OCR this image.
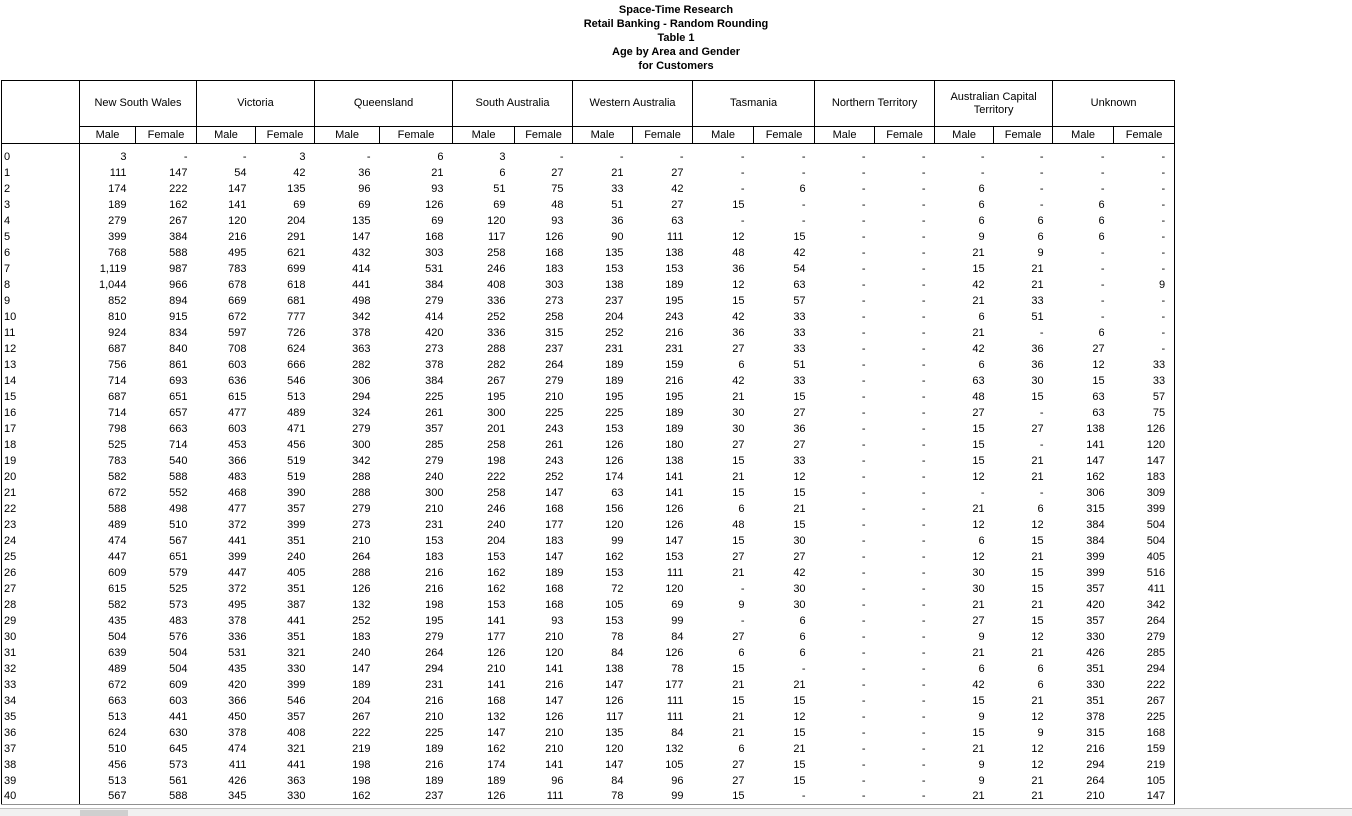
Space-Time Research
Retail Banking - Random Rounding
Table 1
Age by Area and Gender
for Customers
	New South Wales		Victoria		Queensland		South Australia		Western Australia		Tasmania		Northern Territory		Australian Capital Territory		Unknown	
	Male	Female	Male	Female	Male	Female	Male	Female	Male	Female	Male	Female	Male	Female	Male	Female	Male	Female

0	3	-	-	3	-	6	3	-	-	-	-	-	-	-	-	-	-	-
1	111	147	54	42	36	21	6	27	21	27	-	-	-	-	-	-	-	-
2	174	222	147	135	96	93	51	75	33	42	-	6	-	-	6	-	-	-
3	189	162	141	69	69	126	69	48	51	27	15	-	-	-	6	-	6	-
4	279	267	120	204	135	69	120	93	36	63	-	-	-	-	6	6	6	-
5	399	384	216	291	147	168	117	126	90	111	12	15	-	-	9	6	6	-
6	768	588	495	621	432	303	258	168	135	138	48	42	-	-	21	9	-	-
7	1,119	987	783	699	414	531	246	183	153	153	36	54	-	-	15	21	-	-
8	1,044	966	678	618	441	384	408	303	138	189	12	63	-	-	42	21	-	9
9	852	894	669	681	498	279	336	273	237	195	15	57	-	-	21	33	-	-
10	810	915	672	777	342	414	252	258	204	243	42	33	-	-	6	51	-	-
11	924	834	597	726	378	420	336	315	252	216	36	33	-	-	21	-	6	-
12	687	840	708	624	363	273	288	237	231	231	27	33	-	-	42	36	27	-
13	756	861	603	666	282	378	282	264	189	159	6	51	-	-	6	36	12	33
14	714	693	636	546	306	384	267	279	189	216	42	33	-	-	63	30	15	33
15	687	651	615	513	294	225	195	210	195	195	21	15	-	-	48	15	63	57
16	714	657	477	489	324	261	300	225	225	189	30	27	-	-	27	-	63	75
17	798	663	603	471	279	357	201	243	153	189	30	36	-	-	15	27	138	126
18	525	714	453	456	300	285	258	261	126	180	27	27	-	-	15	-	141	120
19	783	540	366	519	342	279	198	243	126	138	15	33	-	-	15	21	147	147
20	582	588	483	519	288	240	222	252	174	141	21	12	-	-	12	21	162	183
21	672	552	468	390	288	300	258	147	63	141	15	15	-	-	-	-	306	309
22	588	498	477	357	279	210	246	168	156	126	6	21	-	-	21	6	315	399
23	489	510	372	399	273	231	240	177	120	126	48	15	-	-	12	12	384	504
24	474	567	441	351	210	153	204	183	99	147	15	30	-	-	6	15	384	504
25	447	651	399	240	264	183	153	147	162	153	27	27	-	-	12	21	399	405
26	609	579	447	405	288	216	162	189	153	111	21	42	-	-	30	15	399	516
27	615	525	372	351	126	216	162	168	72	120	-	30	-	-	30	15	357	411
28	582	573	495	387	132	198	153	168	105	69	9	30	-	-	21	21	420	342
29	435	483	378	441	252	195	141	93	153	99	-	6	-	-	27	15	357	264
30	504	576	336	351	183	279	177	210	78	84	27	6	-	-	9	12	330	279
31	639	504	531	321	240	264	126	120	84	126	6	6	-	-	21	21	426	285
32	489	504	435	330	147	294	210	141	138	78	15	-	-	-	6	6	351	294
33	672	609	420	399	189	231	141	216	147	177	21	21	-	-	42	6	330	222
34	663	603	366	546	204	216	168	147	126	111	15	15	-	-	15	21	351	267
35	513	441	450	357	267	210	132	126	117	111	21	12	-	-	9	12	378	225
36	624	630	378	408	222	225	147	210	135	84	21	15	-	-	15	9	315	168
37	510	645	474	321	219	189	162	210	120	132	6	21	-	-	21	12	216	159
38	456	573	411	441	198	216	174	141	147	105	27	15	-	-	9	12	294	219
39	513	561	426	363	198	189	189	96	84	96	27	15	-	-	9	21	264	105
40	567	588	345	330	162	237	126	111	78	99	15	-	-	-	21	21	210	147
